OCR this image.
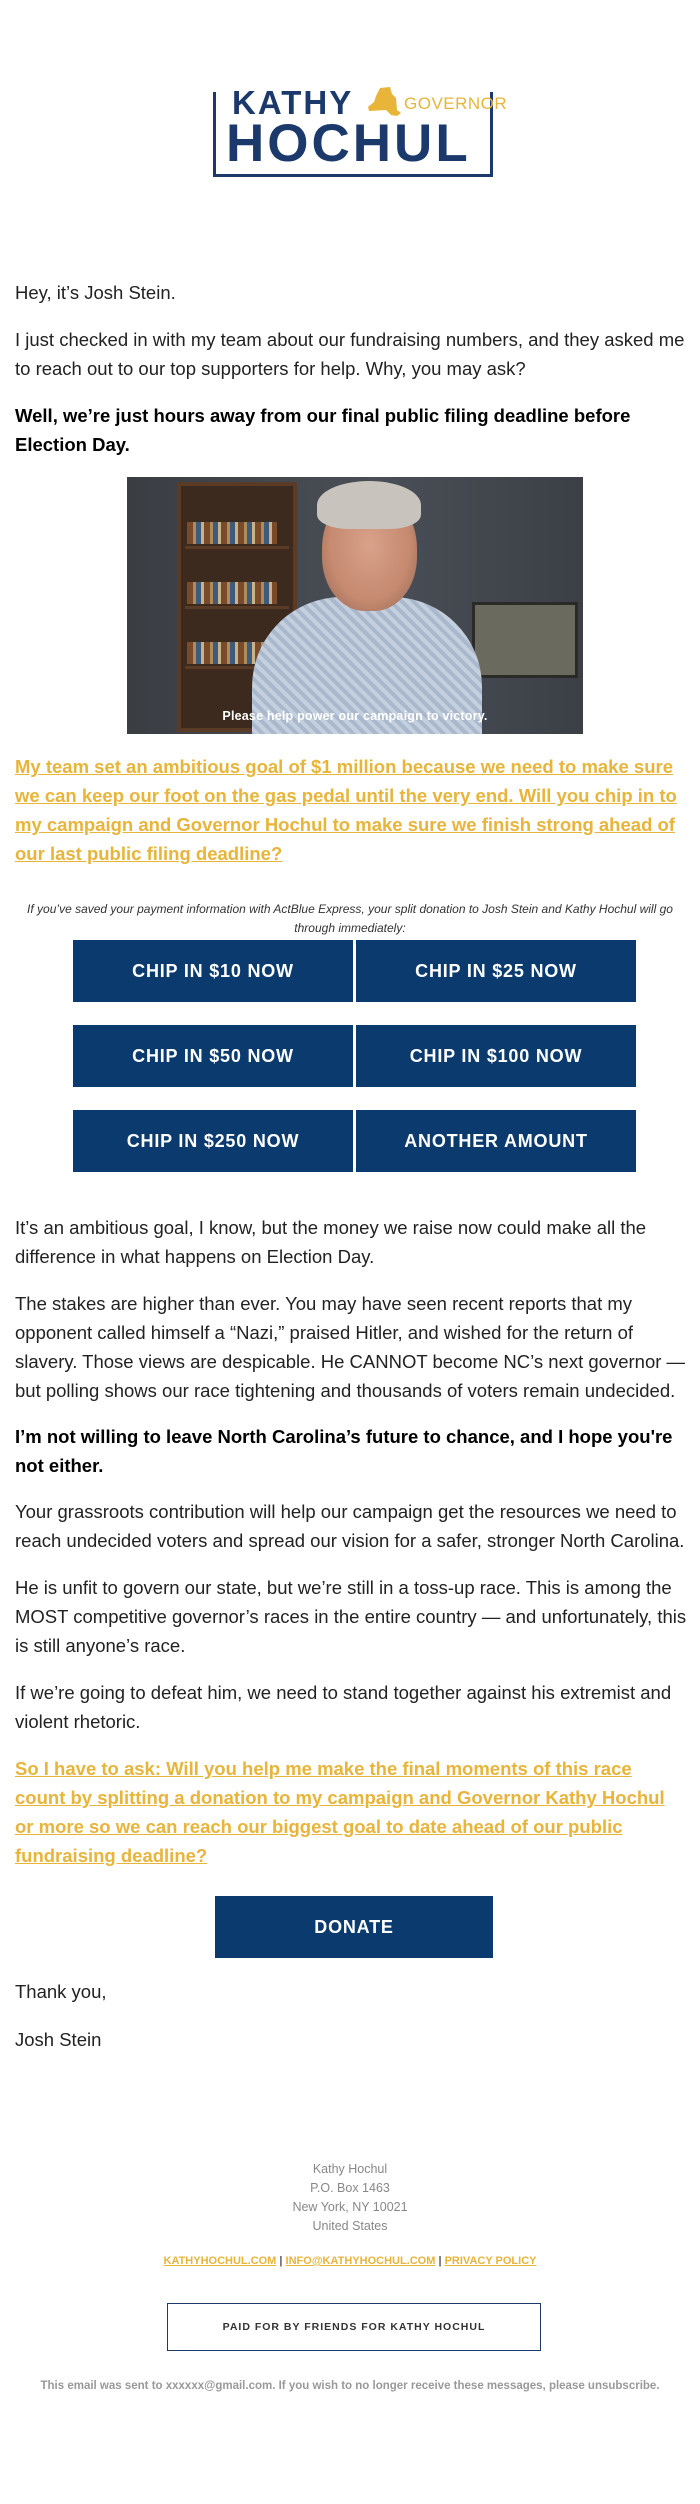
KATHY	GOVERNOR
HOCHUL

Hey, it’s Josh Stein.

I just checked in with my team about our fundraising numbers, and they asked me to reach out to our top supporters for help. Why, you may ask?

Well, we’re just hours away from our final public filing deadline before Election Day.

Please help power our campaign to victory.

My team set an ambitious goal of $1 million because we need to make sure we can keep our foot on the gas pedal until the very end. Will you chip in to my campaign and Governor Hochul to make sure we finish strong ahead of our last public filing deadline?

If you’ve saved your payment information with ActBlue Express, your split donation to Josh Stein and Kathy Hochul will go through immediately:

CHIP IN $10 NOW	CHIP IN $25 NOW
CHIP IN $50 NOW	CHIP IN $100 NOW
CHIP IN $250 NOW	ANOTHER AMOUNT

It’s an ambitious goal, I know, but the money we raise now could make all the difference in what happens on Election Day.

The stakes are higher than ever. You may have seen recent reports that my opponent called himself a “Nazi,” praised Hitler, and wished for the return of slavery. Those views are despicable. He CANNOT become NC’s next governor — but polling shows our race tightening and thousands of voters remain undecided.

I’m not willing to leave North Carolina’s future to chance, and I hope you're not either.

Your grassroots contribution will help our campaign get the resources we need to reach undecided voters and spread our vision for a safer, stronger North Carolina.

He is unfit to govern our state, but we’re still in a toss-up race. This is among the MOST competitive governor’s races in the entire country — and unfortunately, this is still anyone’s race.

If we’re going to defeat him, we need to stand together against his extremist and violent rhetoric.

So I have to ask: Will you help me make the final moments of this race count by splitting a donation to my campaign and Governor Kathy Hochul or more so we can reach our biggest goal to date ahead of our public fundraising deadline?

DONATE

Thank you,

Josh Stein

Kathy Hochul
P.O. Box 1463
New York, NY 10021
United States
KATHYHOCHUL.COM | INFO@KATHYHOCHUL.COM | PRIVACY POLICY
PAID FOR BY FRIENDS FOR KATHY HOCHUL
This email was sent to xxxxxx@gmail.com. If you wish to no longer receive these messages, please unsubscribe.
